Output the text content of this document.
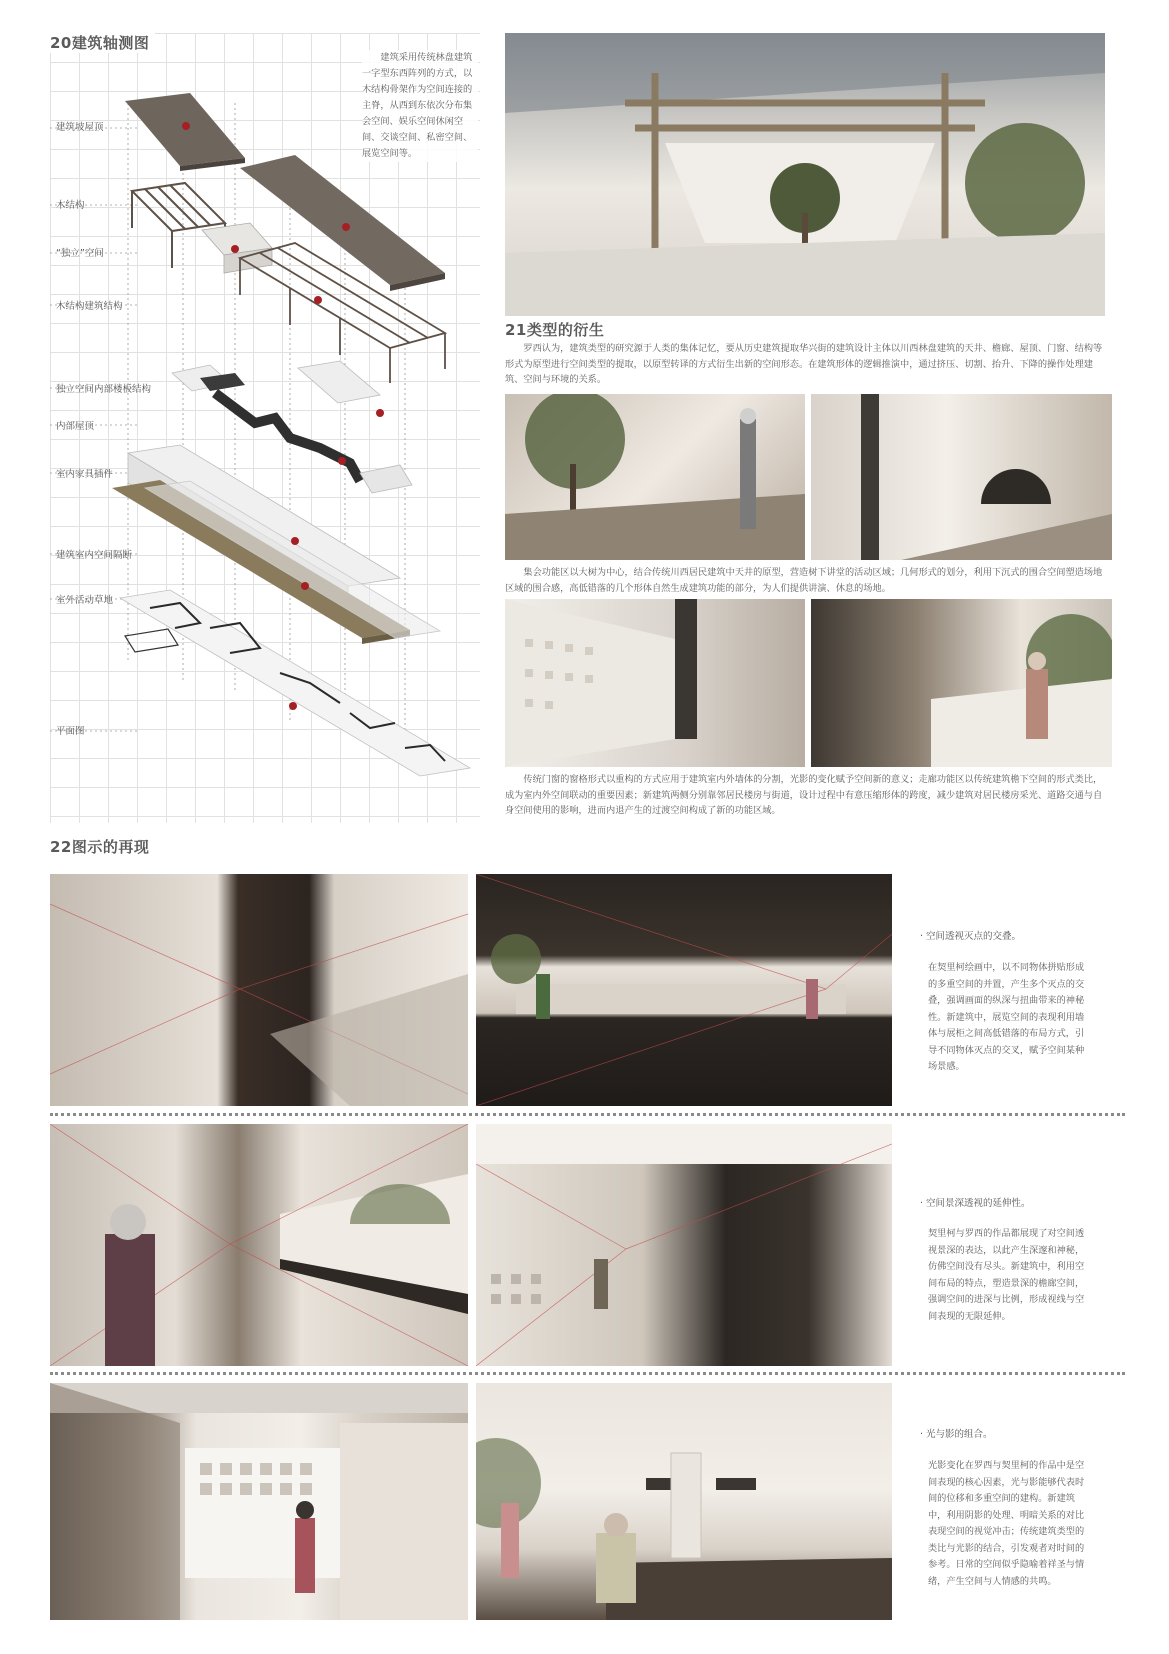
20建筑轴测图
建筑采用传统林盘建筑一字型东西阵列的方式，以木结构骨架作为空间连接的主脊，从西到东依次分布集会空间、娱乐空间休闲空间、交谈空间、私密空间、展览空间等。
建筑坡屋顶
木结构
“独立”空间
木结构建筑结构
独立空间内部楼板结构
内部屋顶
室内家具插件
建筑室内空间隔断
室外活动草地
平面图
21类型的衍生
罗西认为，建筑类型的研究源于人类的集体记忆，要从历史建筑提取华兴街的建筑设计主体以川西林盘建筑的天井、檐廊、屋顶、门窗、结构等形式为原型进行空间类型的提取，以原型转译的方式衍生出新的空间形态。在建筑形体的逻辑推演中，通过挤压、切割、抬升、下降的操作处理建筑、空间与环境的关系。
集会功能区以大树为中心，结合传统川西居民建筑中天井的原型，营造树下讲堂的活动区域；几何形式的划分，利用下沉式的围合空间塑造场地区域的围合感，高低错落的几个形体自然生成建筑功能的部分，为人们提供讲演、休息的场地。
传统门窗的窗格形式以重构的方式应用于建筑室内外墙体的分割，光影的变化赋予空间新的意义；走廊功能区以传统建筑檐下空间的形式类比，成为室内外空间联动的重要因素；新建筑两侧分别靠邻居民楼房与街道，设计过程中有意压缩形体的跨度，减少建筑对居民楼房采光、道路交通与自身空间使用的影响，进而内退产生的过渡空间构成了新的功能区域。
22图示的再现
· 空间透视灭点的交叠。
在契里柯绘画中，以不同物体拼贴形成的多重空间的并置，产生多个灭点的交叠，强调画面的纵深与扭曲带来的神秘性。新建筑中，展览空间的表现利用墙体与展柜之间高低错落的布局方式，引导不同物体灭点的交叉，赋予空间某种场景感。
· 空间景深透视的延伸性。
契里柯与罗西的作品都展现了对空间透视景深的表达，以此产生深邃和神秘，仿佛空间没有尽头。新建筑中，利用空间布局的特点，塑造景深的檐廊空间，强调空间的进深与比例，形成视线与空间表现的无限延伸。
· 光与影的组合。
光影变化在罗西与契里柯的作品中是空间表现的核心因素，光与影能够代表时间的位移和多重空间的建构。新建筑中，利用阴影的处理、明暗关系的对比表现空间的视觉冲击；传统建筑类型的类比与光影的结合，引发观者对时间的参考。日常的空间似乎隐喻着祥圣与情绪，产生空间与人情感的共鸣。
